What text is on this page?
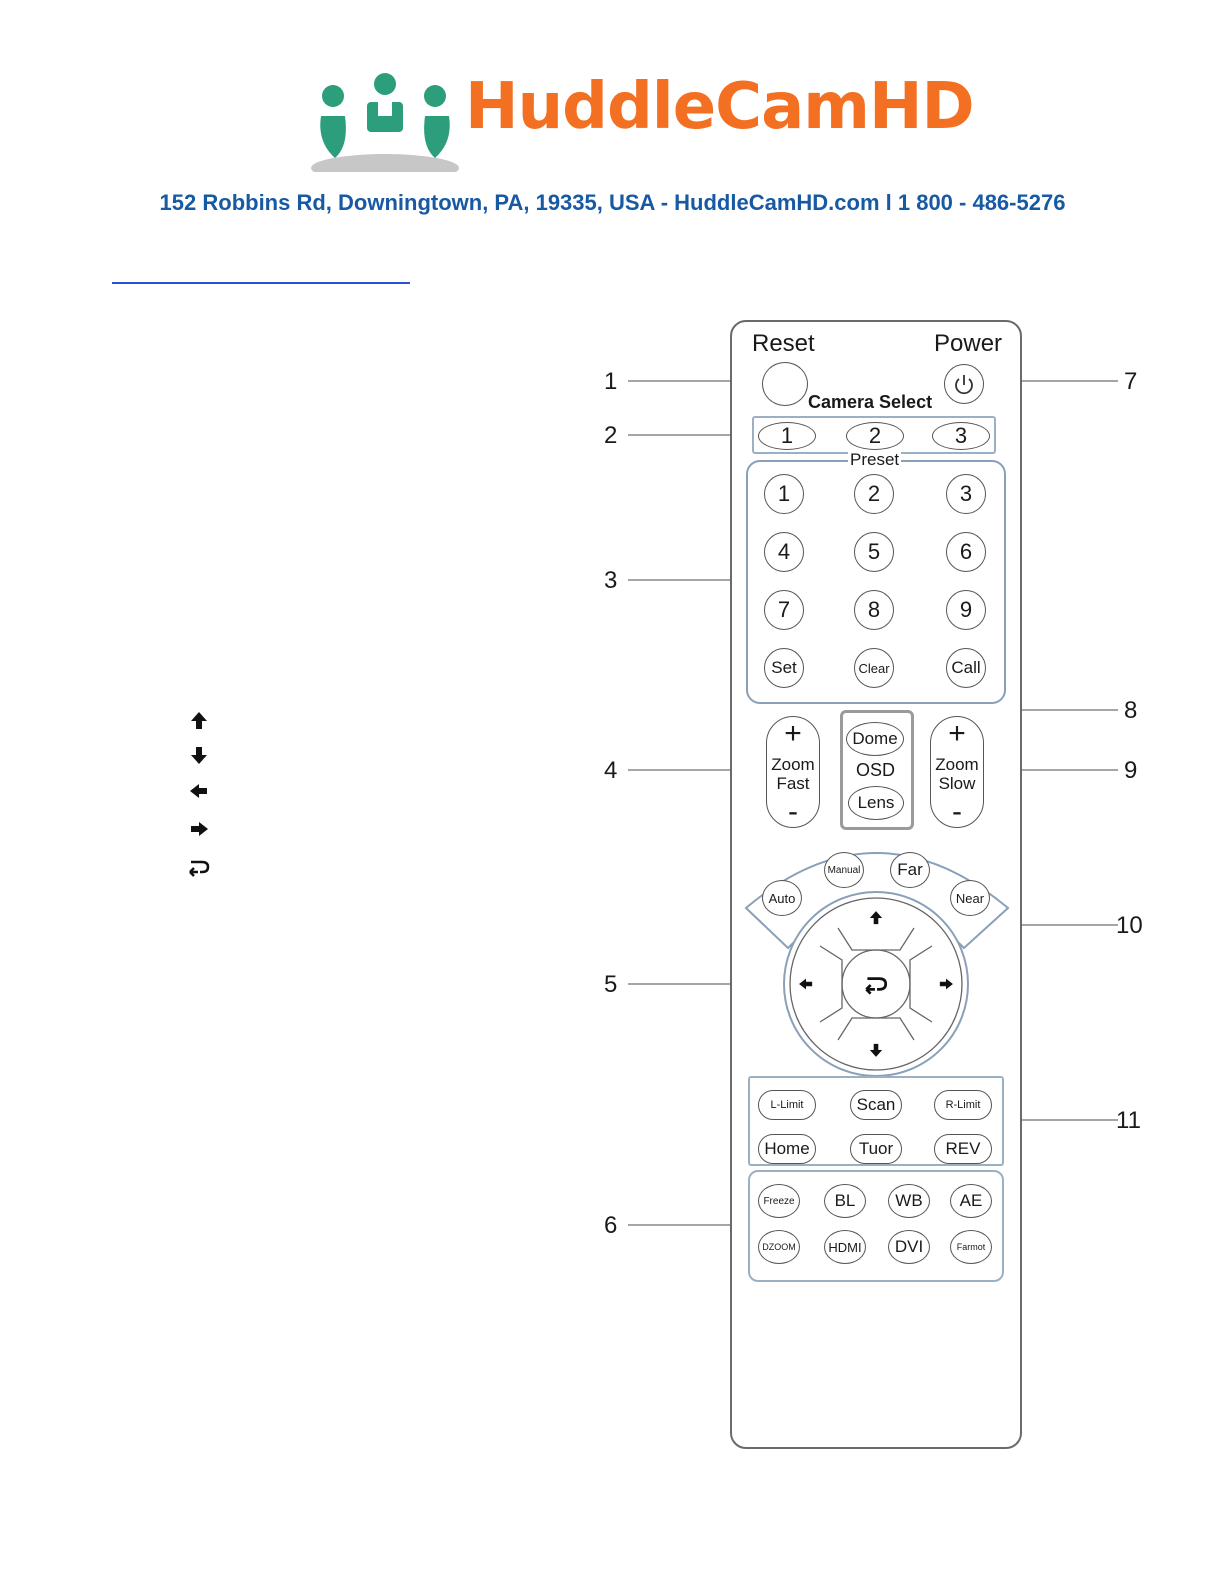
HuddleCamHD
152 Robbins Rd, Downingtown, PA, 19335, USA - HuddleCamHD.com l 1 800 - 486-5276
1
2
3
4
5
6
7
8
9
10
11
Reset	Power
Camera Select
1	2	3
Preset
1	2	3
4	5	6
7	8	9
Set	Clear	Call
+
Zoom
Fast
-
Dome
OSD
Lens
+
Zoom
Slow
-
Auto
Manual	Far
Near
L-Limit	Scan	R-Limit
Home	Tuor	REV
Freeze	BL	WB	AE
DZOOM	HDMI	DVI	Farmot
